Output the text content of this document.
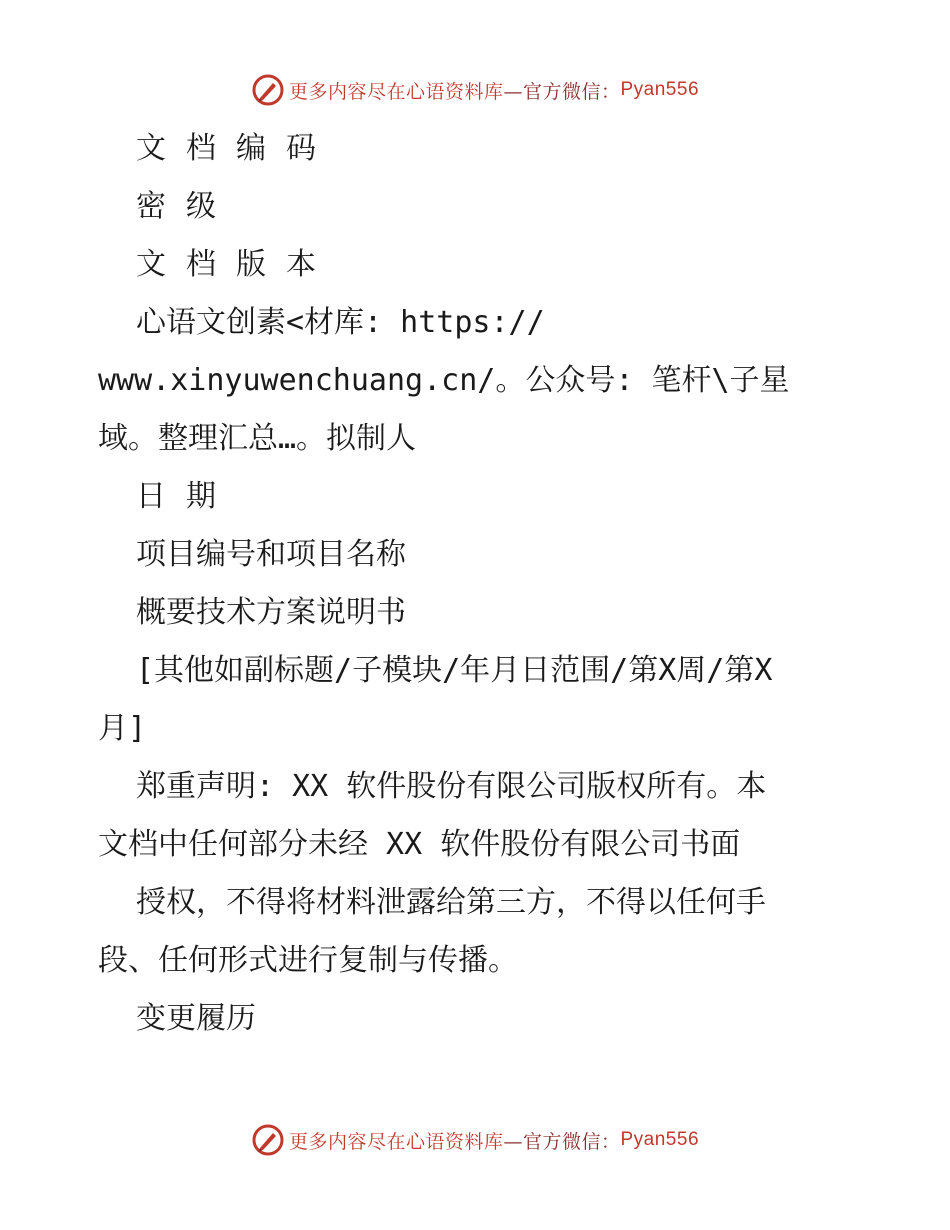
更多内容尽在心语资料库 —官方微信： Pyan556
文档编码
密级
文档版本
心语文创素<材库: https://
www.xinyuwenchuang.cn/。公众号: 笔杆\子星
域。整理汇总…。拟制人
日期
项目编号和项目名称
概要技术方案说明书
[其他如副标题/子模块/年月日范围/第X周/第X
月]
郑重声明: XX 软件股份有限公司版权所有。本
文档中任何部分未经 XX 软件股份有限公司书面
授权，不得将材料泄露给第三方，不得以任何手
段、任何形式进行复制与传播。
变更履历
更多内容尽在心语资料库 —官方微信： Pyan556
